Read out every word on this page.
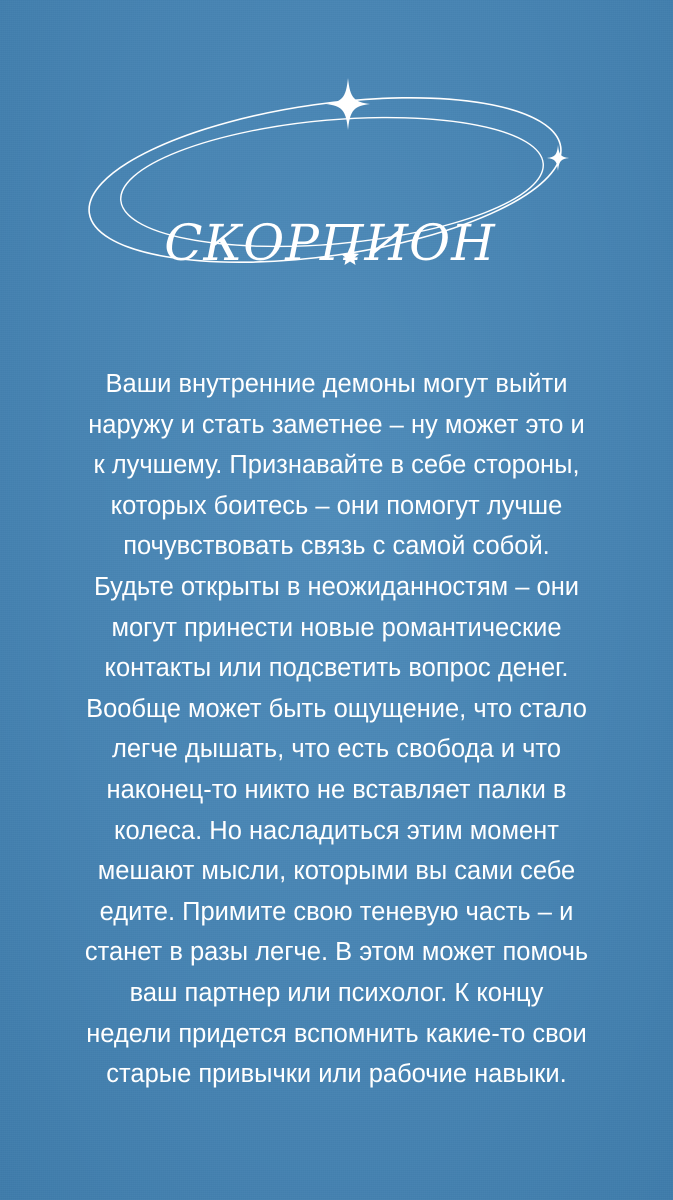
СКОРПИОН
Ваши внутренние демоны могут выйти
наружу и стать заметнее – ну может это и
к лучшему. Признавайте в себе стороны,
которых боитесь – они помогут лучше
почувствовать связь с самой собой.
Будьте открыты в неожиданностям – они
могут принести новые романтические
контакты или подсветить вопрос денег.
Вообще может быть ощущение, что стало
легче дышать, что есть свобода и что
наконец-то никто не вставляет палки в
колеса. Но насладиться этим момент
мешают мысли, которыми вы сами себе
едите. Примите свою теневую часть – и
станет в разы легче. В этом может помочь
ваш партнер или психолог. К концу
недели придется вспомнить какие-то свои
старые привычки или рабочие навыки.
